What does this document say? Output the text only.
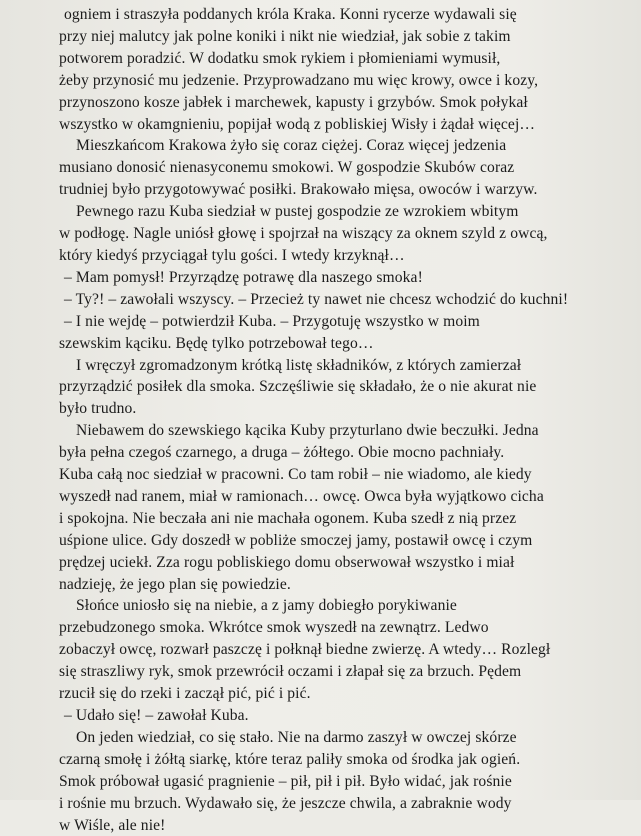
ogniem i straszyła poddanych króla Kraka. Konni rycerze wydawali się
przy niej malutcy jak polne koniki i nikt nie wiedział, jak sobie z takim
potworem poradzić. W dodatku smok rykiem i płomieniami wymusił,
żeby przynosić mu jedzenie. Przyprowadzano mu więc krowy, owce i kozy,
przynoszono kosze jabłek i marchewek, kapusty i grzybów. Smok połykał
wszystko w okamgnieniu, popijał wodą z pobliskiej Wisły i żądał więcej…
Mieszkańcom Krakowa żyło się coraz ciężej. Coraz więcej jedzenia
musiano donosić nienasyconemu smokowi. W gospodzie Skubów coraz
trudniej było przygotowywać posiłki. Brakowało mięsa, owoców i warzyw.
Pewnego razu Kuba siedział w pustej gospodzie ze wzrokiem wbitym
w podłogę. Nagle uniósł głowę i spojrzał na wiszący za oknem szyld z owcą,
który kiedyś przyciągał tylu gości. I wtedy krzyknął…
– Mam pomysł! Przyrządzę potrawę dla naszego smoka!
– Ty?! – zawołali wszyscy. – Przecież ty nawet nie chcesz wchodzić do kuchni!
– I nie wejdę – potwierdził Kuba. – Przygotuję wszystko w moim
szewskim kąciku. Będę tylko potrzebował tego…
I wręczył zgromadzonym krótką listę składników, z których zamierzał
przyrządzić posiłek dla smoka. Szczęśliwie się składało, że o nie akurat nie
było trudno.
Niebawem do szewskiego kącika Kuby przyturlano dwie beczułki. Jedna
była pełna czegoś czarnego, a druga – żółtego. Obie mocno pachniały.
Kuba całą noc siedział w pracowni. Co tam robił – nie wiadomo, ale kiedy
wyszedł nad ranem, miał w ramionach… owcę. Owca była wyjątkowo cicha
i spokojna. Nie beczała ani nie machała ogonem. Kuba szedł z nią przez
uśpione ulice. Gdy doszedł w pobliże smoczej jamy, postawił owcę i czym
prędzej uciekł. Zza rogu pobliskiego domu obserwował wszystko i miał
nadzieję, że jego plan się powiedzie.
Słońce uniosło się na niebie, a z jamy dobiegło porykiwanie
przebudzonego smoka. Wkrótce smok wyszedł na zewnątrz. Ledwo
zobaczył owcę, rozwarł paszczę i połknął biedne zwierzę. A wtedy… Rozległ
się straszliwy ryk, smok przewrócił oczami i złapał się za brzuch. Pędem
rzucił się do rzeki i zaczął pić, pić i pić.
– Udało się! – zawołał Kuba.
On jeden wiedział, co się stało. Nie na darmo zaszył w owczej skórze
czarną smołę i żółtą siarkę, które teraz paliły smoka od środka jak ogień.
Smok próbował ugasić pragnienie – pił, pił i pił. Było widać, jak rośnie
i rośnie mu brzuch. Wydawało się, że jeszcze chwila, a zabraknie wody
w Wiśle, ale nie!
